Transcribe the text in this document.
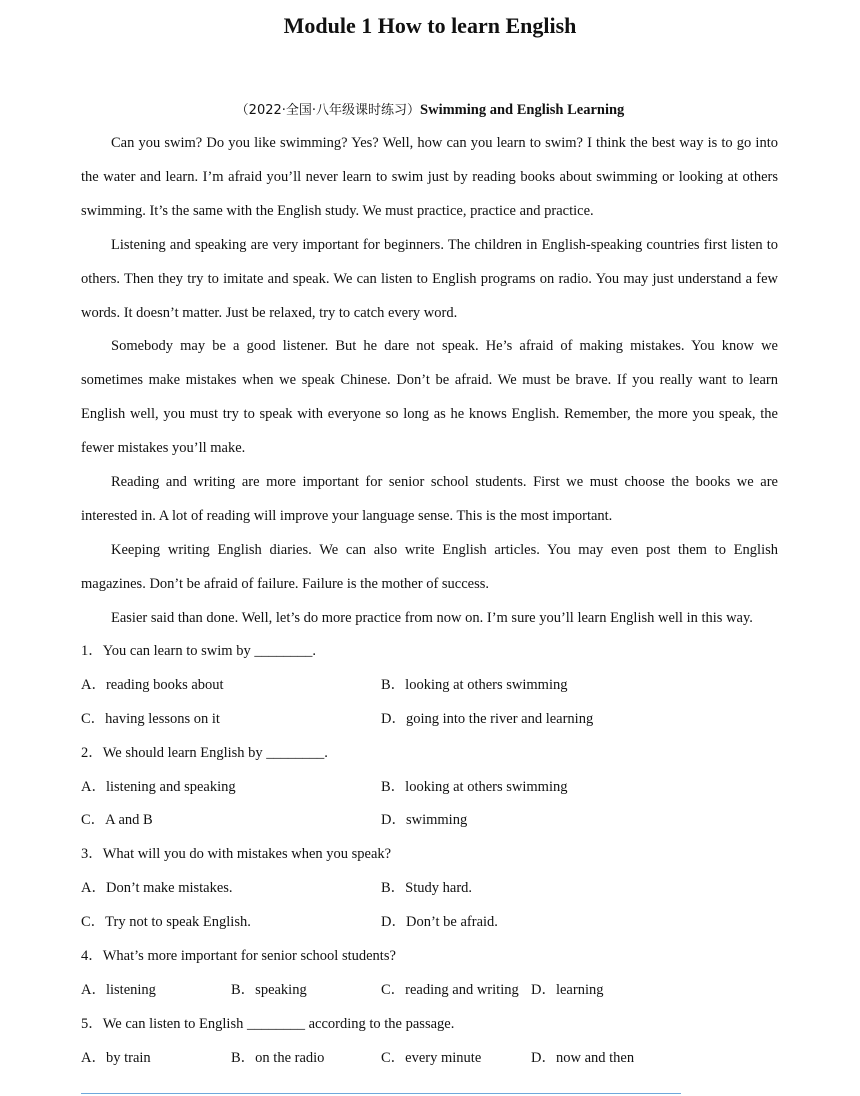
Module 1 How to learn English
（2022·全国·八年级课时练习）Swimming and English Learning

Can you swim? Do you like swimming? Yes? Well, how can you learn to swim? I think the best way is to go into the water and learn. I’m afraid you’ll never learn to swim just by reading books about swimming or looking at others swimming. It’s the same with the English study. We must practice, practice and practice.

Listening and speaking are very important for beginners. The children in English-speaking countries first listen to others. Then they try to imitate and speak. We can listen to English programs on radio. You may just understand a few words. It doesn’t matter. Just be relaxed, try to catch every word.

Somebody may be a good listener. But he dare not speak. He’s afraid of making mistakes. You know we sometimes make mistakes when we speak Chinese. Don’t be afraid. We must be brave. If you really want to learn English well, you must try to speak with everyone so long as he knows English. Remember, the more you speak, the fewer mistakes you’ll make.

Reading and writing are more important for senior school students. First we must choose the books we are interested in. A lot of reading will improve your language sense. This is the most important.

Keeping writing English diaries. We can also write English articles. You may even post them to English magazines. Don’t be afraid of failure. Failure is the mother of success.

Easier said than done. Well, let’s do more practice from now on. I’m sure you’ll learn English well in this way.

1．You can learn to swim by ________.
A．reading books about	B．looking at others swimming
C．having lessons on it	D．going into the river and learning
2．We should learn English by ________.
A．listening and speaking	B．looking at others swimming
C．A and B	D．swimming
3．What will you do with mistakes when you speak?
A．Don’t make mistakes.	B．Study hard.
C．Try not to speak English.	D．Don’t be afraid.
4．What’s more important for senior school students?
A．listening	B．speaking	C．reading and writing D．learning
5．We can listen to English ________ according to the passage.
A．by train	B．on the radio	C．every minute	D．now and then
